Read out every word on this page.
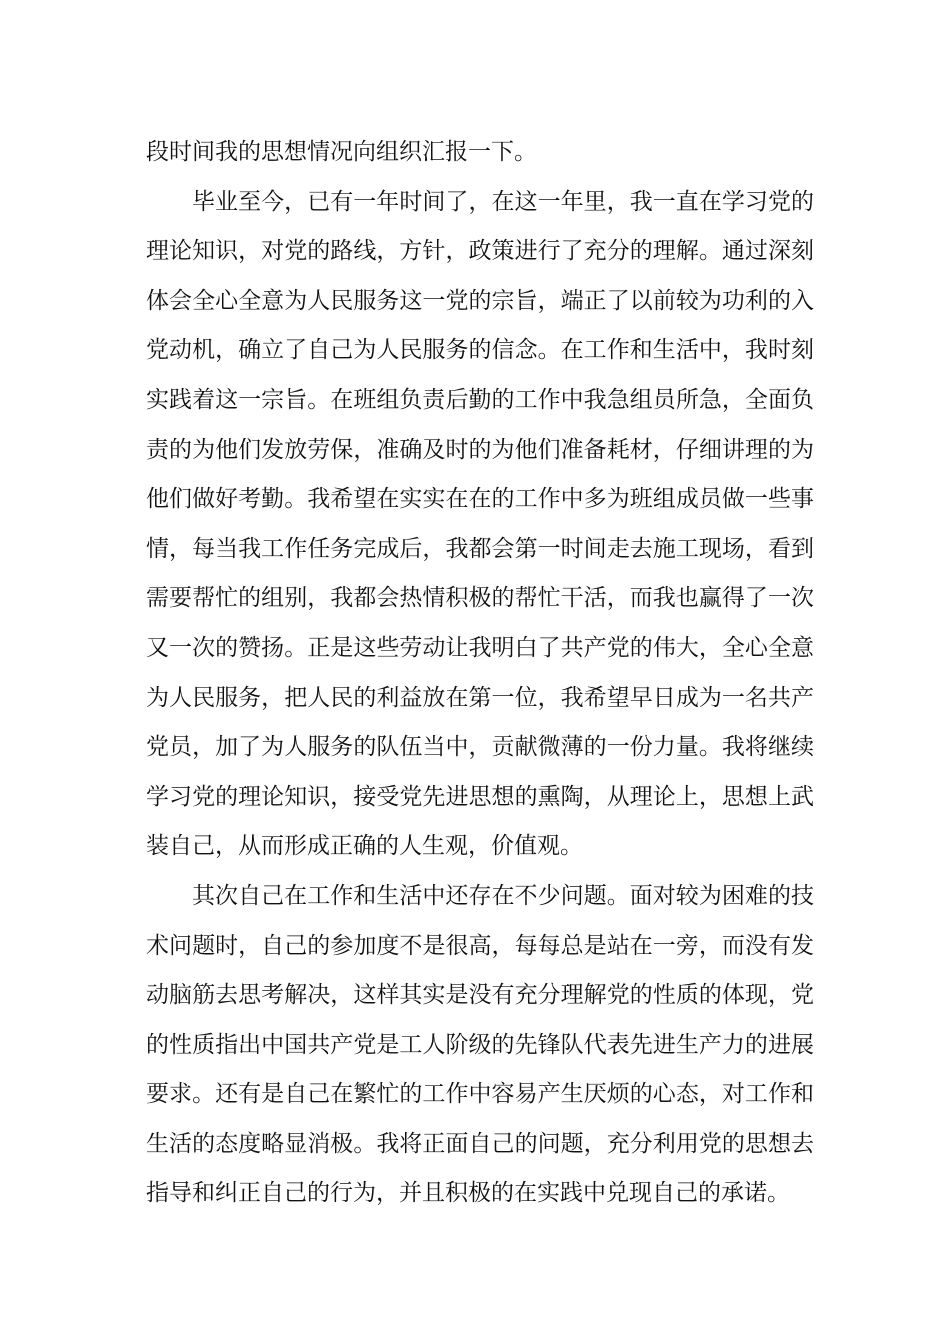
段时间我的思想情况向组织汇报一下。

毕业至今，已有一年时间了，在这一年里，我一直在学习党的理论知识，对党的路线，方针，政策进行了充分的理解。通过深刻体会全心全意为人民服务这一党的宗旨，端正了以前较为功利的入党动机，确立了自己为人民服务的信念。在工作和生活中，我时刻实践着这一宗旨。在班组负责后勤的工作中我急组员所急，全面负责的为他们发放劳保，准确及时的为他们准备耗材，仔细讲理的为他们做好考勤。我希望在实实在在的工作中多为班组成员做一些事情，每当我工作任务完成后，我都会第一时间走去施工现场，看到需要帮忙的组别，我都会热情积极的帮忙干活，而我也赢得了一次又一次的赞扬。正是这些劳动让我明白了共产党的伟大，全心全意为人民服务，把人民的利益放在第一位，我希望早日成为一名共产党员，加了为人服务的队伍当中，贡献微薄的一份力量。我将继续学习党的理论知识，接受党先进思想的熏陶，从理论上，思想上武装自己，从而形成正确的人生观，价值观。

其次自己在工作和生活中还存在不少问题。面对较为困难的技术问题时，自己的参加度不是很高，每每总是站在一旁，而没有发动脑筋去思考解决，这样其实是没有充分理解党的性质的体现，党的性质指出中国共产党是工人阶级的先锋队代表先进生产力的进展要求。还有是自己在繁忙的工作中容易产生厌烦的心态，对工作和生活的态度略显消极。我将正面自己的问题，充分利用党的思想去指导和纠正自己的行为，并且积极的在实践中兑现自己的承诺。
